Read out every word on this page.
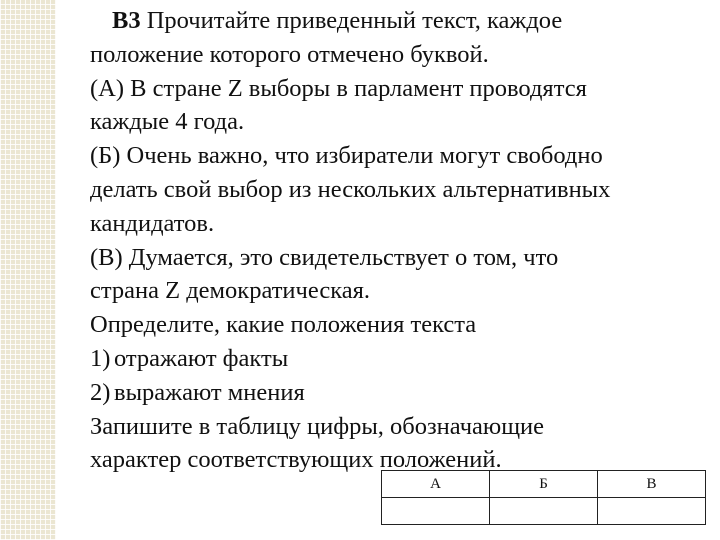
B3 Прочитайте приведенный текст, каждое
положение которого отмечено буквой.
(А) В стране Z выборы в парламент проводятся
каждые 4 года.
(Б) Очень важно, что избиратели могут свободно
делать свой выбор из нескольких альтернативных
кандидатов.
(В) Думается, это свидетельствует о том, что
страна Z демократическая.
Определите, какие положения текста
1) отражают факты
2) выражают мнения
Запишите в таблицу цифры, обозначающие
характер соответствующих положений.
А	Б	В
